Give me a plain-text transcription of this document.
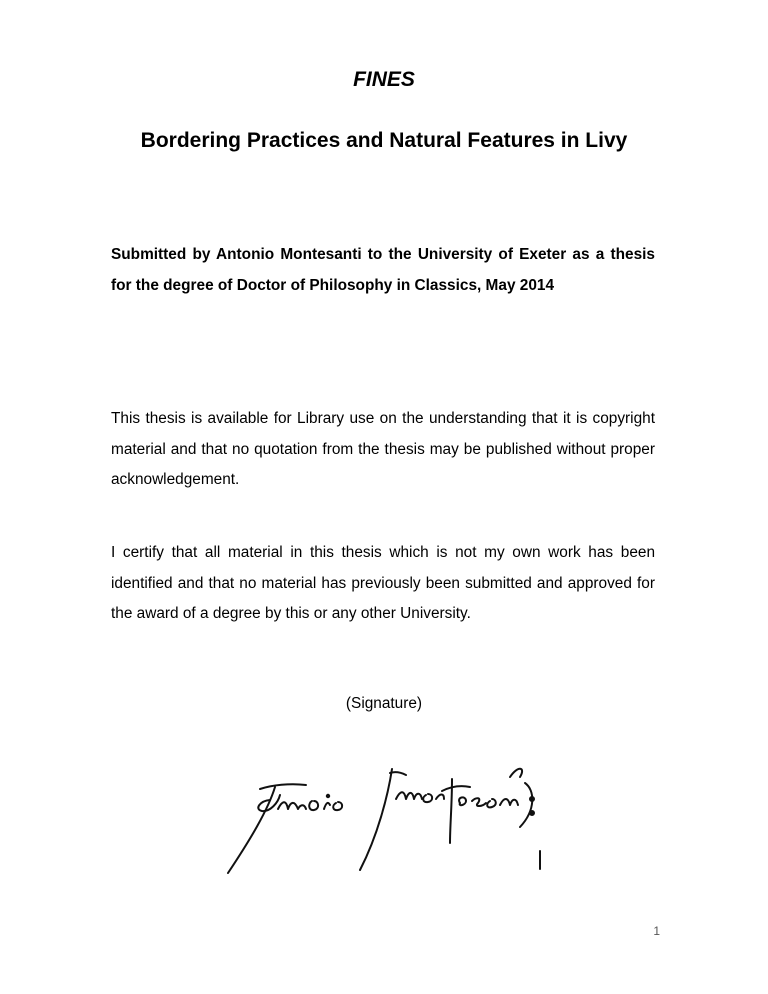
FINES
Bordering Practices and Natural Features in Livy
Submitted by Antonio Montesanti to the University of Exeter as a thesis for the degree of Doctor of Philosophy in Classics, May 2014
This thesis is available for Library use on the understanding that it is copyright material and that no quotation from the thesis may be published without proper acknowledgement.
I certify that all material in this thesis which is not my own work has been identified and that no material has previously been submitted and approved for the award of a degree by this or any other University.
(Signature)
1
